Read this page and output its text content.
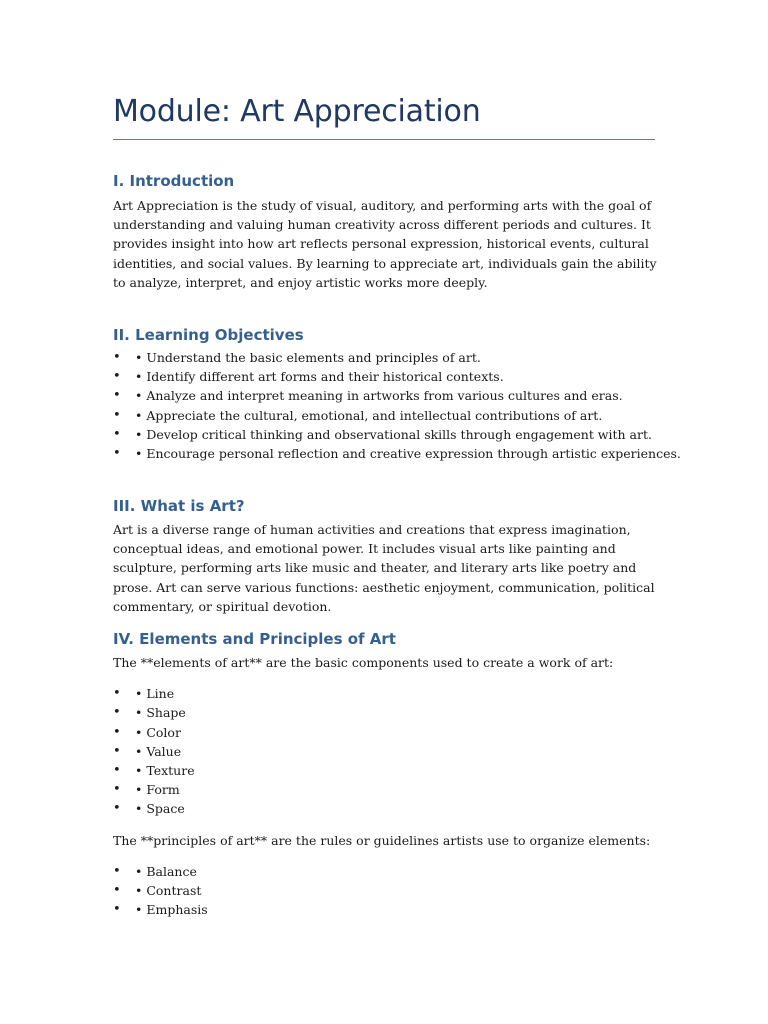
Module: Art Appreciation
I. Introduction

Art Appreciation is the study of visual, auditory, and performing arts with the goal of understanding and valuing human creativity across different periods and cultures. It provides insight into how art reflects personal expression, historical events, cultural identities, and social values. By learning to appreciate art, individuals gain the ability to analyze, interpret, and enjoy artistic works more deeply.

II. Learning Objectives
• • Understand the basic elements and principles of art.
• • Identify different art forms and their historical contexts.
• • Analyze and interpret meaning in artworks from various cultures and eras.
• • Appreciate the cultural, emotional, and intellectual contributions of art.
• • Develop critical thinking and observational skills through engagement with art.
• • Encourage personal reflection and creative expression through artistic experiences.
III. What is Art?

Art is a diverse range of human activities and creations that express imagination, conceptual ideas, and emotional power. It includes visual arts like painting and sculpture, performing arts like music and theater, and literary arts like poetry and prose. Art can serve various functions: aesthetic enjoyment, communication, political commentary, or spiritual devotion.

IV. Elements and Principles of Art

The **elements of art** are the basic components used to create a work of art:

• • Line
• • Shape
• • Color
• • Value
• • Texture
• • Form
• • Space

The **principles of art** are the rules or guidelines artists use to organize elements:

• • Balance
• • Contrast
• • Emphasis
